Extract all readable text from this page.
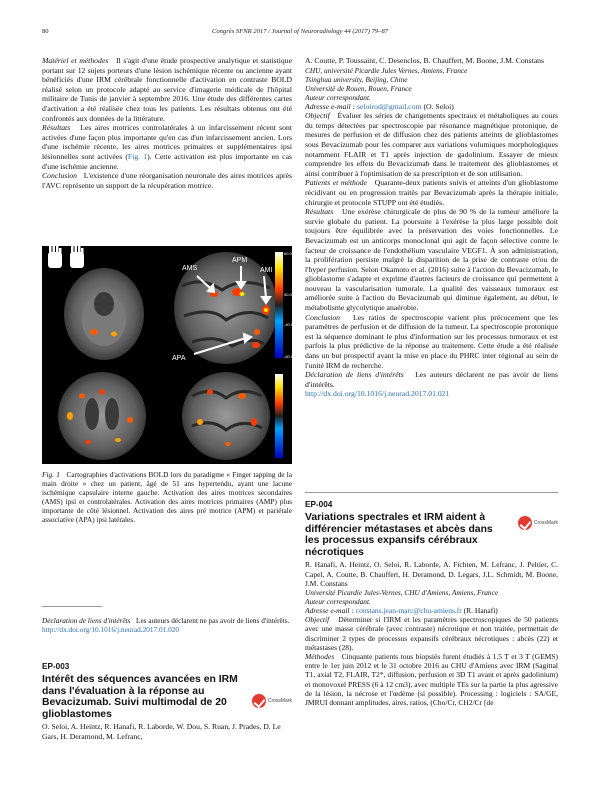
80	Congrès SFNR 2017 / Journal of Neuroradiology 44 (2017) 79–87

Matériel et méthodes Il s'agit d'une étude prospective analytique et statistique portant sur 12 sujets porteurs d'une lésion ischémique récente ou ancienne ayant bénéficiés d'une IRM cérébrale fonctionnelle d'activation en contraste BOLD réalisé selon un protocole adapté au service d'imagerie médicale de l'hôpital militaire de Tunis de janvier à septembre 2016. Une étude des différentes cartes d'activation a été réalisée chez tous les patients. Les résultats obtenus ont été confrontés aux données de la littérature.

Résultats Les aires motrices controlatérales à un infarcissement récent sont activées d'une façon plus importante qu'en cas d'un infarcissement ancien. Lors d'une ischémie récente, les aires motrices primaires et supplémentaires ipsi lésionnelles sont activées (Fig. 1). Cette activation est plus importante en cas d'une ischémie ancienne.

Conclusion L'existence d'une réorganisation neuronale des aires motrices après l'AVC représente un support de la récupération motrice.

AMS
APM
AMI
APA
60.00
40.00
-40.00
-60.00
Fig. 1 Cartographies d'activations BOLD lors du paradigme « Finger tapping de la main droite » chez un patient, âgé de 51 ans hypertendu, ayant une lacune ischémique capsulaire interne gauche. Activation des aires motrices secondaires (AMS) ipsi et controlatérales. Activation des aires motrices primaires (AMP) plus importante de côté lésionnel. Activation des aires pré motrice (APM) et pariétale associative (APA) ipsi latérales.
Déclaration de liens d'intérêts Les auteurs déclarent ne pas avoir de liens d'intérêts.
http://dx.doi.org/10.1016/j.neurad.2017.01.020
EP-003
Intérêt des séquences avancées en IRM dans l'évaluation à la réponse au Bevacizumab. Suivi multimodal de 20 glioblastomes
CrossMark
O. Seloi, A. Heintz, R. Hanafi, R. Laborde, W. Dou, S. Ruan, J. Prades, D. Le Gars, H. Deramond, M. Lefranc,

A. Coutte, P. Toussaint, C. Desenclos, B. Chauffert, M. Boone, J.M. Constans

CHU, université Picardie Jules Vernes, Amiens, France

Tsinghua university, Beijing, Chine

Université de Rouen, Rouen, France

Auteur correspondant.

Adresse e-mail : seloirod@gmail.com (O. Seloi)

Objectif Évaluer les séries de changements spectraux et métaboliques au cours du temps détectées par spectroscopie par résonance magnétique protonique, de mesures de perfusion et de diffusion chez des patients atteints de glioblastomes sous Bevacizumab pour les comparer aux variations volumiques morphologiques notamment FLAIR et T1 après injection de gadolinium. Essayer de mieux comprendre les effets du Bevacizumab dans le traitement des glioblastomes et ainsi contribuer à l'optimisation de sa prescription et de son utilisation.

Patients et méthode Quarante-deux patients suivis et atteints d'un glioblastome récidivant ou en progression traités par Bevacizumab après la thérapie initiale, chirurgie et protocole STUPP ont été étudiés.

Résultats Une exérèse chirurgicale de plus de 90 % de la tumeur améliore la survie globale du patient. La poursuite à l'exérèse la plus large possible doit toujours être équilibrée avec la préservation des voies fonctionnelles. Le Bevacizumab est un anticorps monoclonal qui agit de façon sélective contre le facteur de croissance de l'endothélium vasculaire VEGF1. À son administration, la prolifération persiste malgré la disparition de la prise de contraste et/ou de l'hyper perfusion. Selon Okamoto et al. (2016) suite à l'action du Bevacizumab, le glioblastome s'adapte et exprime d'autres facteurs de croissance qui permettent à nouveau la vascularisation tumorale. La qualité des vaisseaux tumoraux est améliorée suite à l'action du Bevacizumab qui diminue également, au début, le métabolisme glycolytique anaérobie.

Conclusion Les ratios de spectroscopie varient plus précocement que les paramètres de perfusion et de diffusion de la tumeur. La spectroscopie protonique est la séquence dominant le plus d'information sur les processus tumoraux et est parfois la plus prédictive de la réponse au traitement. Cette étude a été réalisée dans un but prospectif avant la mise en place du PHRC inter régional au sein de l'unité IRM de recherche.

Déclaration de liens d'intérêts Les auteurs déclarent ne pas avoir de liens d'intérêts.

http://dx.doi.org/10.1016/j.neurad.2017.01.021

EP-004
Variations spectrales et IRM aident à différencier métastases et abcès dans les processus expansifs cérébraux nécrotiques
CrossMark
R. Hanafi, A. Heintz, O. Seloi, R. Laborde, A. Fichten, M. Lefranc, J. Peltier, C. Capel, A. Coutte, B. Chauffert, H. Deramond, D. Legars, J.L. Schmidt, M. Boone, J.M. Constans
Université Picardie Jules-Vernes, CHU d'Amiens, Amiens, France
Auteur correspondant.
Adresse e-mail : constans.jean-marc@chu-amiens.fr (R. Hanafi)
Objectif Déterminer si l'IRM et les paramètres spectroscopiques de 50 patients avec une masse cérébrale (avec contraste) nécrotique et non traitée, permettait de discriminer 2 types de processus expansifs cérébraux nécrotiques : abcès (22) et métastases (28).
Méthodes Cinquante patients tous biopsiés furent étudiés à 1.5 T et 3 T (GEMS) entre le 1er juin 2012 et le 31 octobre 2016 au CHU d'Amiens avec IRM (Sagittal T1, axial T2, FLAIR, T2*, diffusion, perfusion et 3D T1 avant et après gadolinium) et monovoxel PRESS (6 à 12 cm3), avec multiple TEs sur la partie la plus agressive de la lésion, la nécrose et l'œdème (si possible). Processing : logiciels : SA/GE, JMRUI donnant amplitudes, aires, ratios, (Cho/Cr, CH2/Cr [de
